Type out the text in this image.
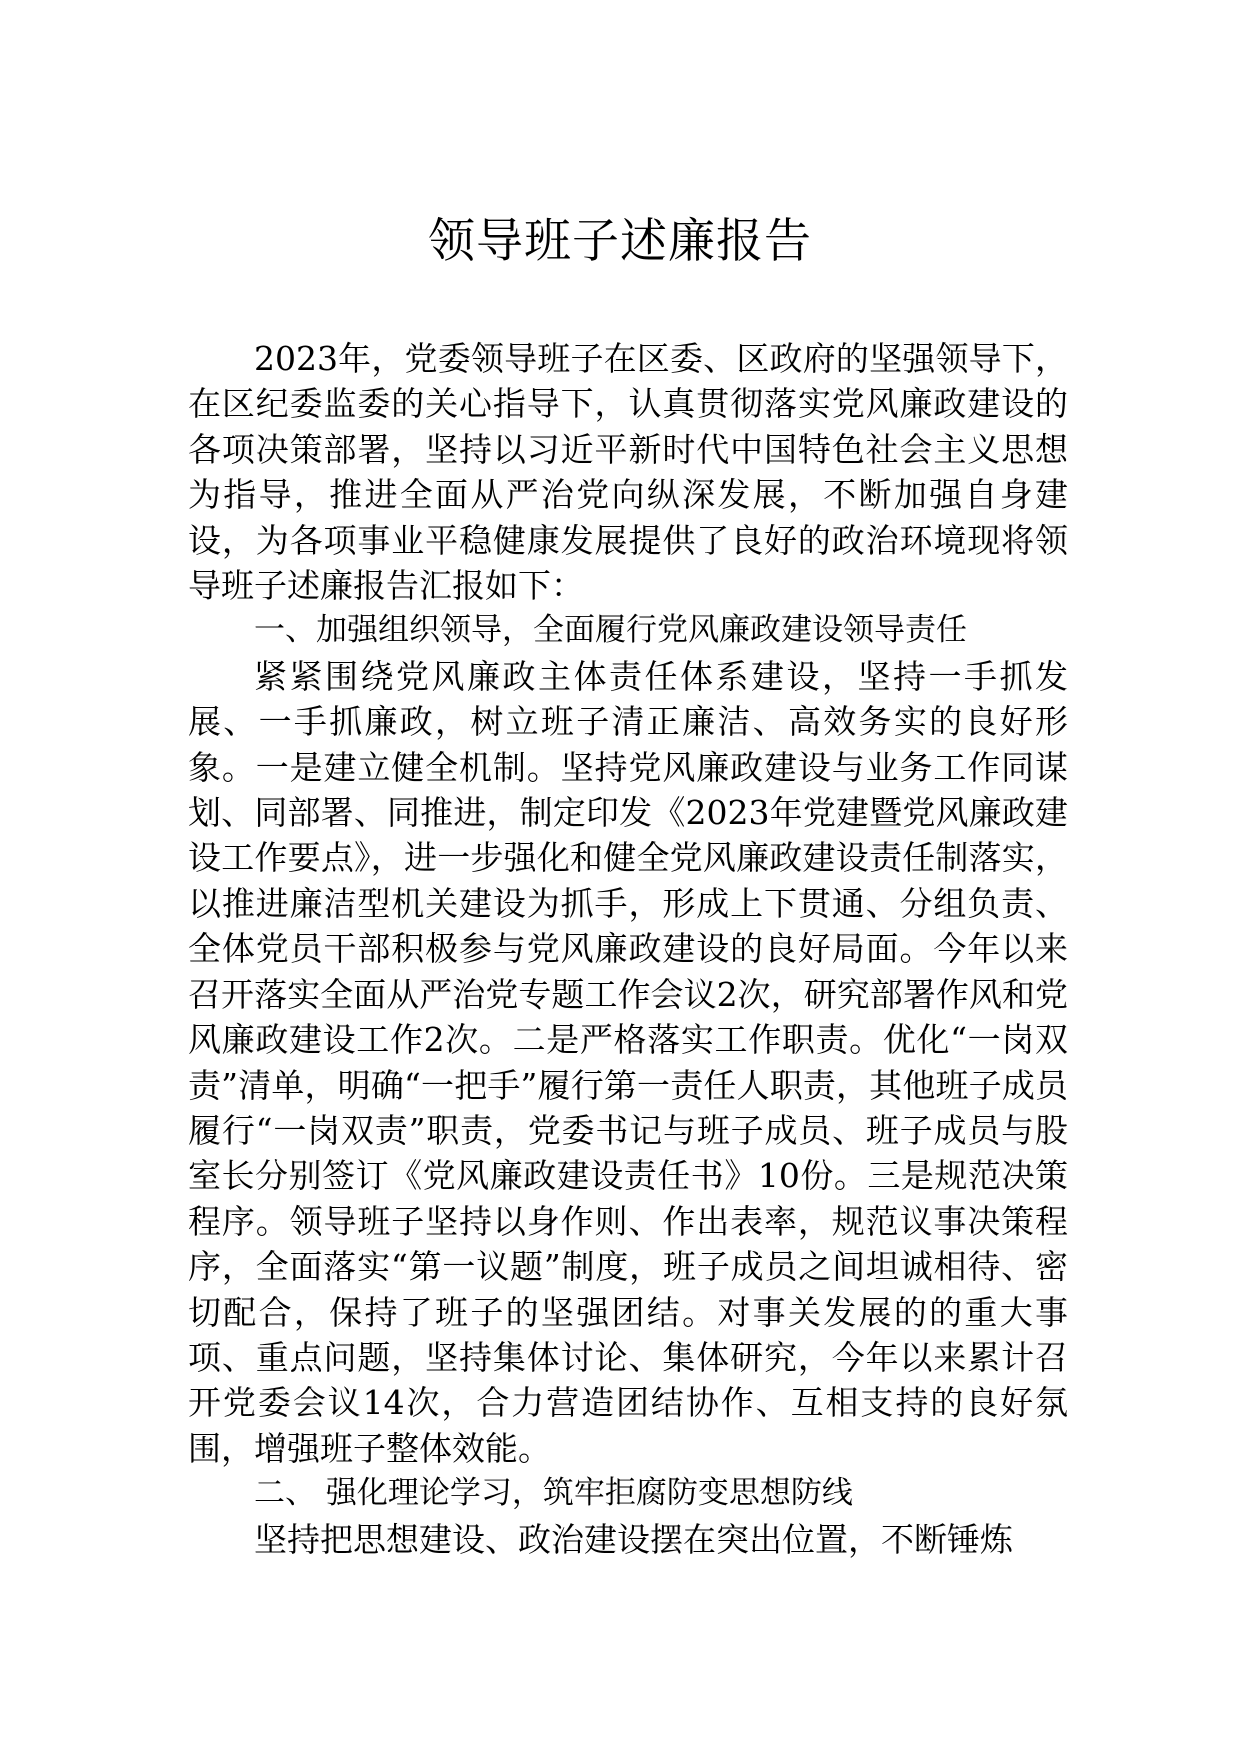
领导班子述廉报告

2023年，党委领导班子在区委、区政府的坚强领导下，在区纪委监委的关心指导下，认真贯彻落实党风廉政建设的各项决策部署，坚持以习近平新时代中国特色社会主义思想为指导，推进全面从严治党向纵深发展，不断加强自身建设，为各项事业平稳健康发展提供了良好的政治环境现将领导班子述廉报告汇报如下：

一、加强组织领导，全面履行党风廉政建设领导责任

紧紧围绕党风廉政主体责任体系建设，坚持一手抓发展、一手抓廉政，树立班子清正廉洁、高效务实的良好形象。一是建立健全机制。坚持党风廉政建设与业务工作同谋划、同部署、同推进，制定印发《2023年党建暨党风廉政建设工作要点》，进一步强化和健全党风廉政建设责任制落实，以推进廉洁型机关建设为抓手，形成上下贯通、分组负责、全体党员干部积极参与党风廉政建设的良好局面。今年以来召开落实全面从严治党专题工作会议2次，研究部署作风和党风廉政建设工作2次。二是严格落实工作职责。优化“一岗双责”清单，明确“一把手”履行第一责任人职责，其他班子成员履行“一岗双责”职责，党委书记与班子成员、班子成员与股室长分别签订《党风廉政建设责任书》10份。三是规范决策程序。领导班子坚持以身作则、作出表率，规范议事决策程序，全面落实“第一议题”制度，班子成员之间坦诚相待、密切配合，保持了班子的坚强团结。对事关发展的的重大事项、重点问题，坚持集体讨论、集体研究，今年以来累计召开党委会议14次，合力营造团结协作、互相支持的良好氛围，增强班子整体效能。

二、 强化理论学习，筑牢拒腐防变思想防线

坚持把思想建设、政治建设摆在突出位置，不断锤炼
